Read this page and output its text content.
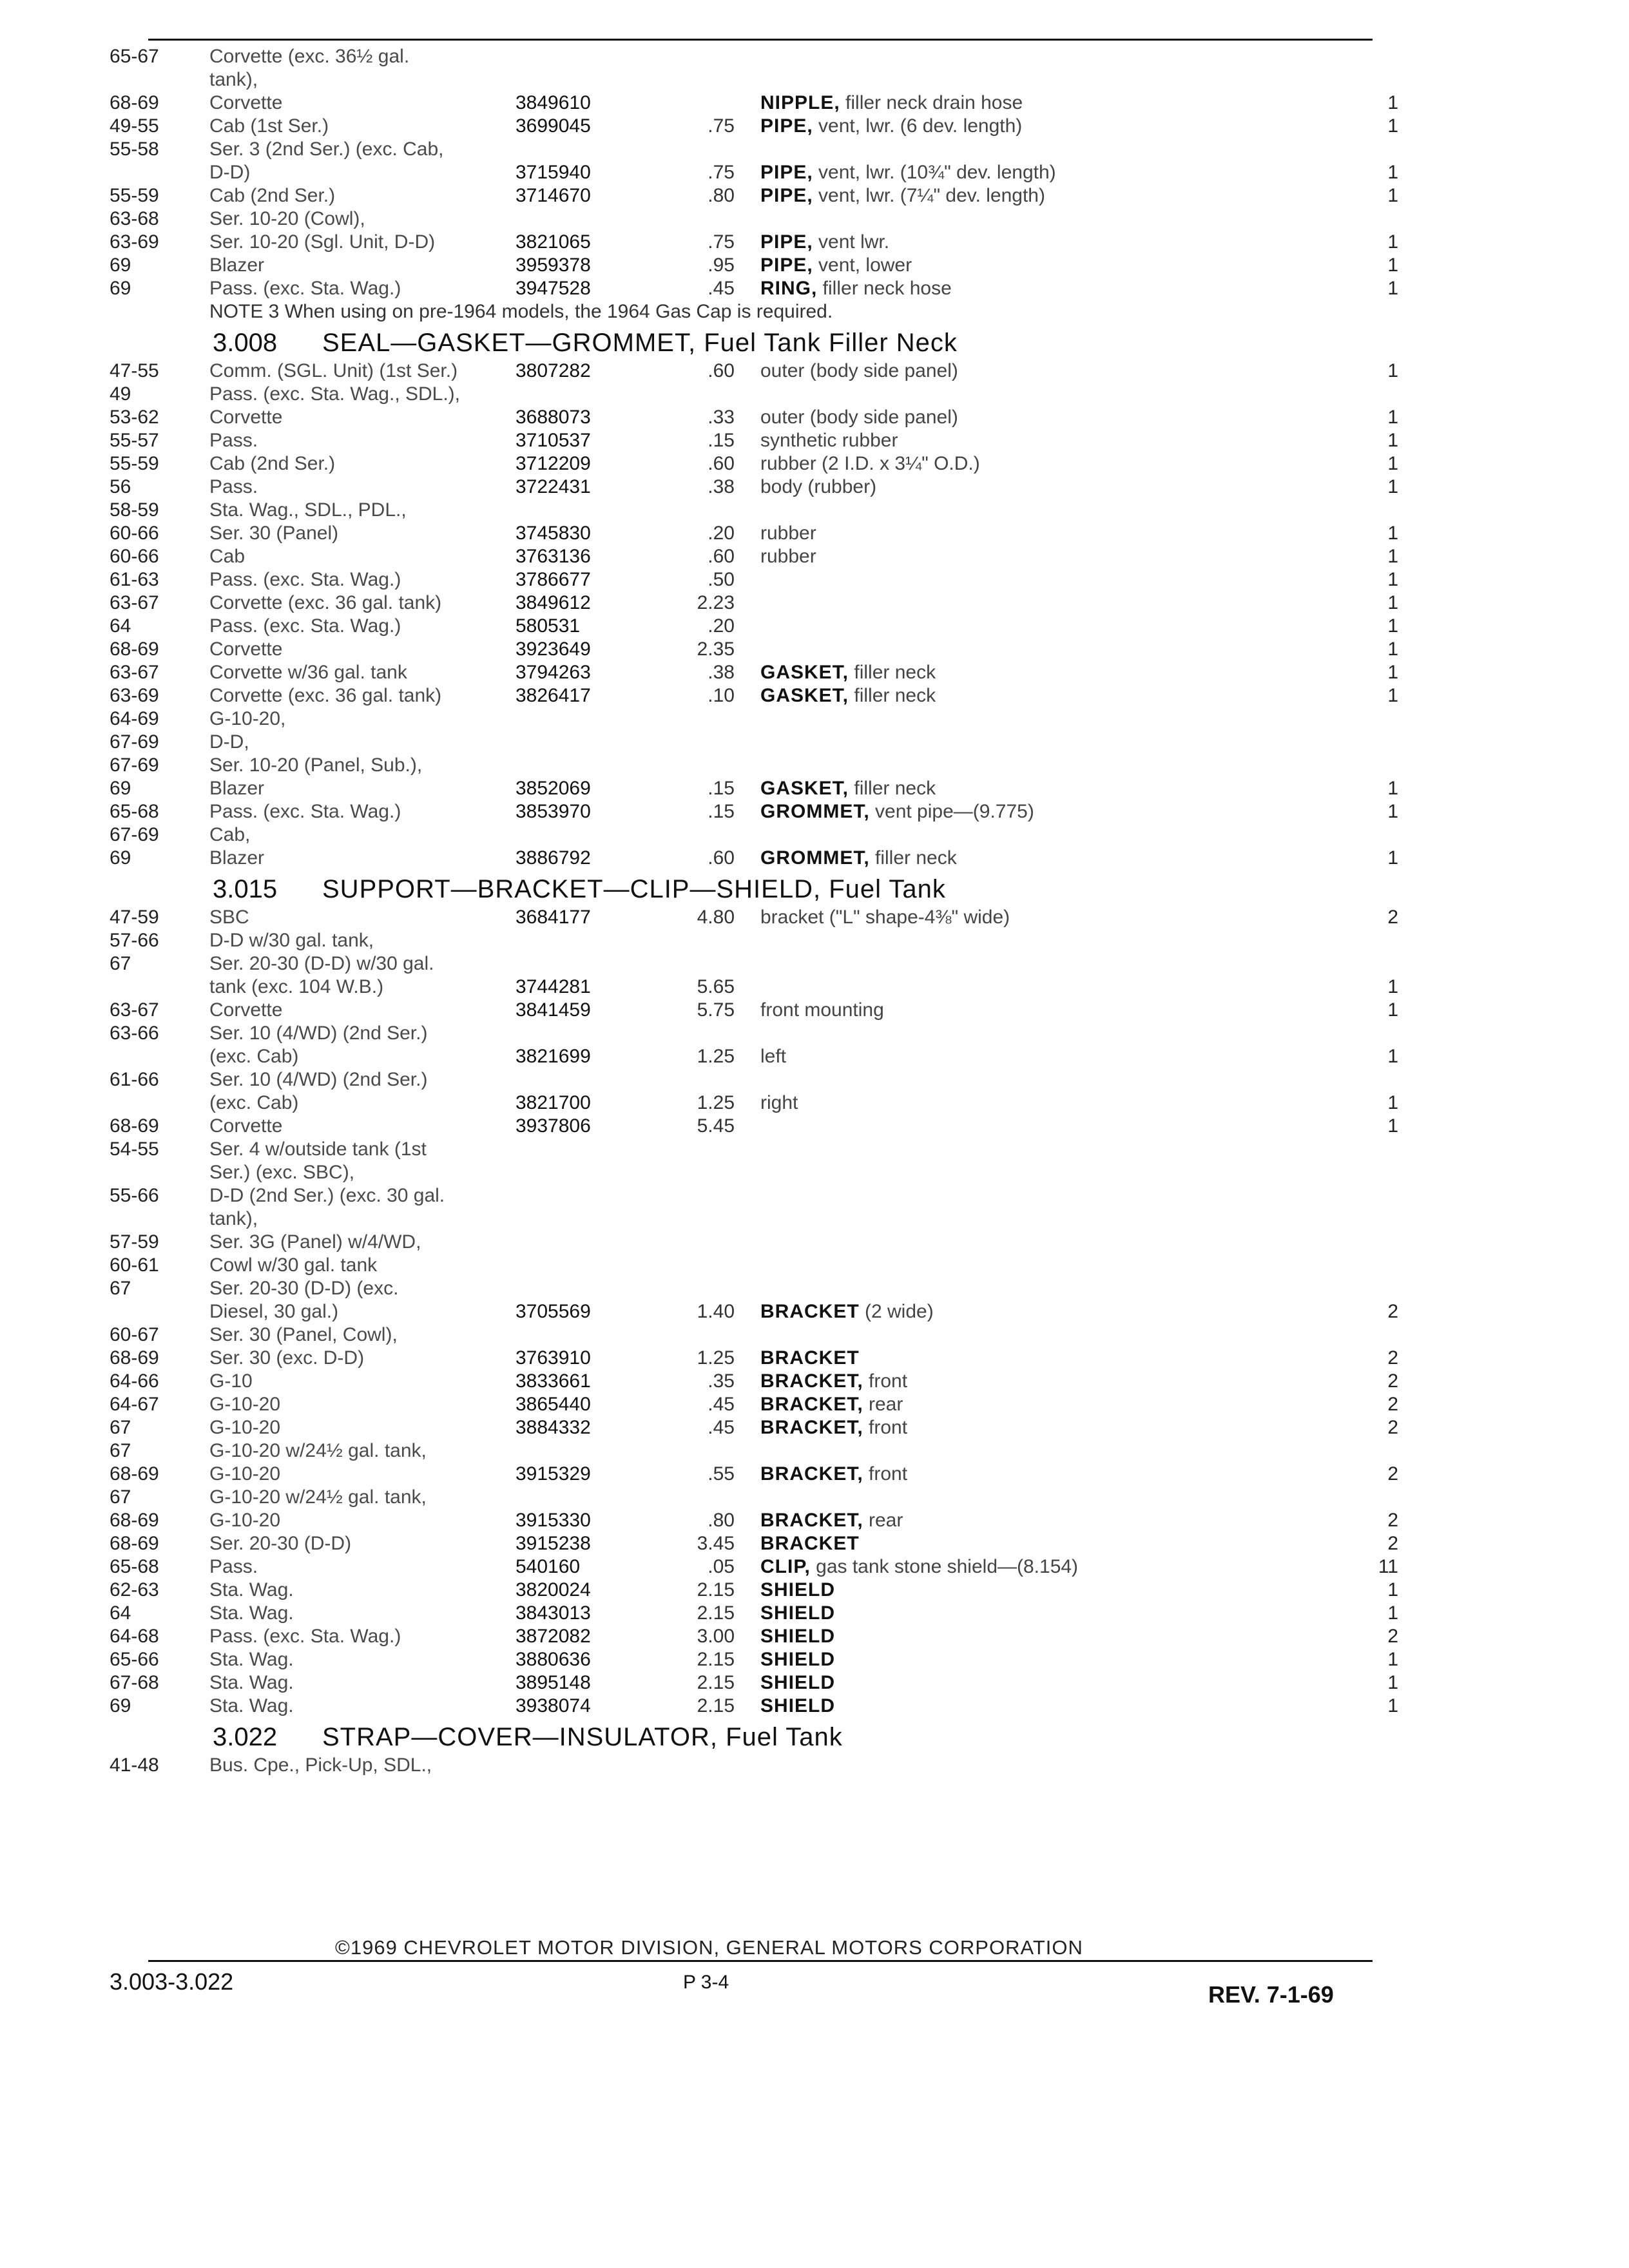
65-67	Corvette (exc. 36½ gal.
tank),
68-69	Corvette	3849610	NIPPLE, filler neck drain hose	1
49-55	Cab (1st Ser.)	3699045	.75 PIPE, vent, lwr. (6 dev. length)	1
55-58	Ser. 3 (2nd Ser.) (exc. Cab,
D-D)	3715940	.75 PIPE, vent, lwr. (10¾" dev. length)	1
55-59	Cab (2nd Ser.)	3714670	.80 PIPE, vent, lwr. (7¼" dev. length)	1
63-68	Ser. 10-20 (Cowl),
63-69	Ser. 10-20 (Sgl. Unit, D-D)	3821065	.75 PIPE, vent lwr.	1
69	Blazer	3959378	.95 PIPE, vent, lower	1
69	Pass. (exc. Sta. Wag.)	3947528	.45 RING, filler neck hose	1
NOTE 3 When using on pre-1964 models, the 1964 Gas Cap is required.
3.008 SEAL—GASKET—GROMMET, Fuel Tank Filler Neck
47-55	Comm. (SGL. Unit) (1st Ser.)	3807282	.60 outer (body side panel)	1
49	Pass. (exc. Sta. Wag., SDL.),
53-62	Corvette	3688073	.33 outer (body side panel)	1
55-57	Pass.	3710537	.15 synthetic rubber	1
55-59	Cab (2nd Ser.)	3712209	.60 rubber (2 I.D. x 3¼" O.D.)	1
56	Pass.	3722431	.38 body (rubber)	1
58-59	Sta. Wag., SDL., PDL.,
60-66	Ser. 30 (Panel)	3745830	.20 rubber	1
60-66	Cab	3763136	.60 rubber	1
61-63	Pass. (exc. Sta. Wag.)	3786677	.50	1
63-67	Corvette (exc. 36 gal. tank)	3849612	2.23	1
64	Pass. (exc. Sta. Wag.)	580531	.20	1
68-69	Corvette	3923649	2.35	1
63-67	Corvette w/36 gal. tank	3794263	.38 GASKET, filler neck	1
63-69	Corvette (exc. 36 gal. tank)	3826417	.10 GASKET, filler neck	1
64-69	G-10-20,
67-69	D-D,
67-69	Ser. 10-20 (Panel, Sub.),
69	Blazer	3852069	.15 GASKET, filler neck	1
65-68	Pass. (exc. Sta. Wag.)	3853970	.15 GROMMET, vent pipe—(9.775)	1
67-69	Cab,
69	Blazer	3886792	.60 GROMMET, filler neck	1
3.015 SUPPORT—BRACKET—CLIP—SHIELD, Fuel Tank
47-59	SBC	3684177	4.80 bracket ("L" shape-4⅜" wide)	2
57-66	D-D w/30 gal. tank,
67	Ser. 20-30 (D-D) w/30 gal.
tank (exc. 104 W.B.)	3744281	5.65	1
63-67	Corvette	3841459	5.75 front mounting	1
63-66	Ser. 10 (4/WD) (2nd Ser.)
(exc. Cab)	3821699	1.25 left	1
61-66	Ser. 10 (4/WD) (2nd Ser.)
(exc. Cab)	3821700	1.25 right	1
68-69	Corvette	3937806	5.45	1
54-55	Ser. 4 w/outside tank (1st
Ser.) (exc. SBC),
55-66	D-D (2nd Ser.) (exc. 30 gal.
tank),
57-59	Ser. 3G (Panel) w/4/WD,
60-61	Cowl w/30 gal. tank
67	Ser. 20-30 (D-D) (exc.
Diesel, 30 gal.)	3705569	1.40 BRACKET (2 wide)	2
60-67	Ser. 30 (Panel, Cowl),
68-69	Ser. 30 (exc. D-D)	3763910	1.25 BRACKET	2
64-66	G-10	3833661	.35 BRACKET, front	2
64-67	G-10-20	3865440	.45 BRACKET, rear	2
67	G-10-20	3884332	.45 BRACKET, front	2
67	G-10-20 w/24½ gal. tank,
68-69	G-10-20	3915329	.55 BRACKET, front	2
67	G-10-20 w/24½ gal. tank,
68-69	G-10-20	3915330	.80 BRACKET, rear	2
68-69	Ser. 20-30 (D-D)	3915238	3.45 BRACKET	2
65-68	Pass.	540160	.05 CLIP, gas tank stone shield—(8.154)	11
62-63	Sta. Wag.	3820024	2.15 SHIELD	1
64	Sta. Wag.	3843013	2.15 SHIELD	1
64-68	Pass. (exc. Sta. Wag.)	3872082	3.00 SHIELD	2
65-66	Sta. Wag.	3880636	2.15 SHIELD	1
67-68	Sta. Wag.	3895148	2.15 SHIELD	1
69	Sta. Wag.	3938074	2.15 SHIELD	1
3.022 STRAP—COVER—INSULATOR, Fuel Tank
41-48	Bus. Cpe., Pick-Up, SDL.,
©1969 CHEVROLET MOTOR DIVISION, GENERAL MOTORS CORPORATION
3.003-3.022	P 3-4	REV. 7-1-69
